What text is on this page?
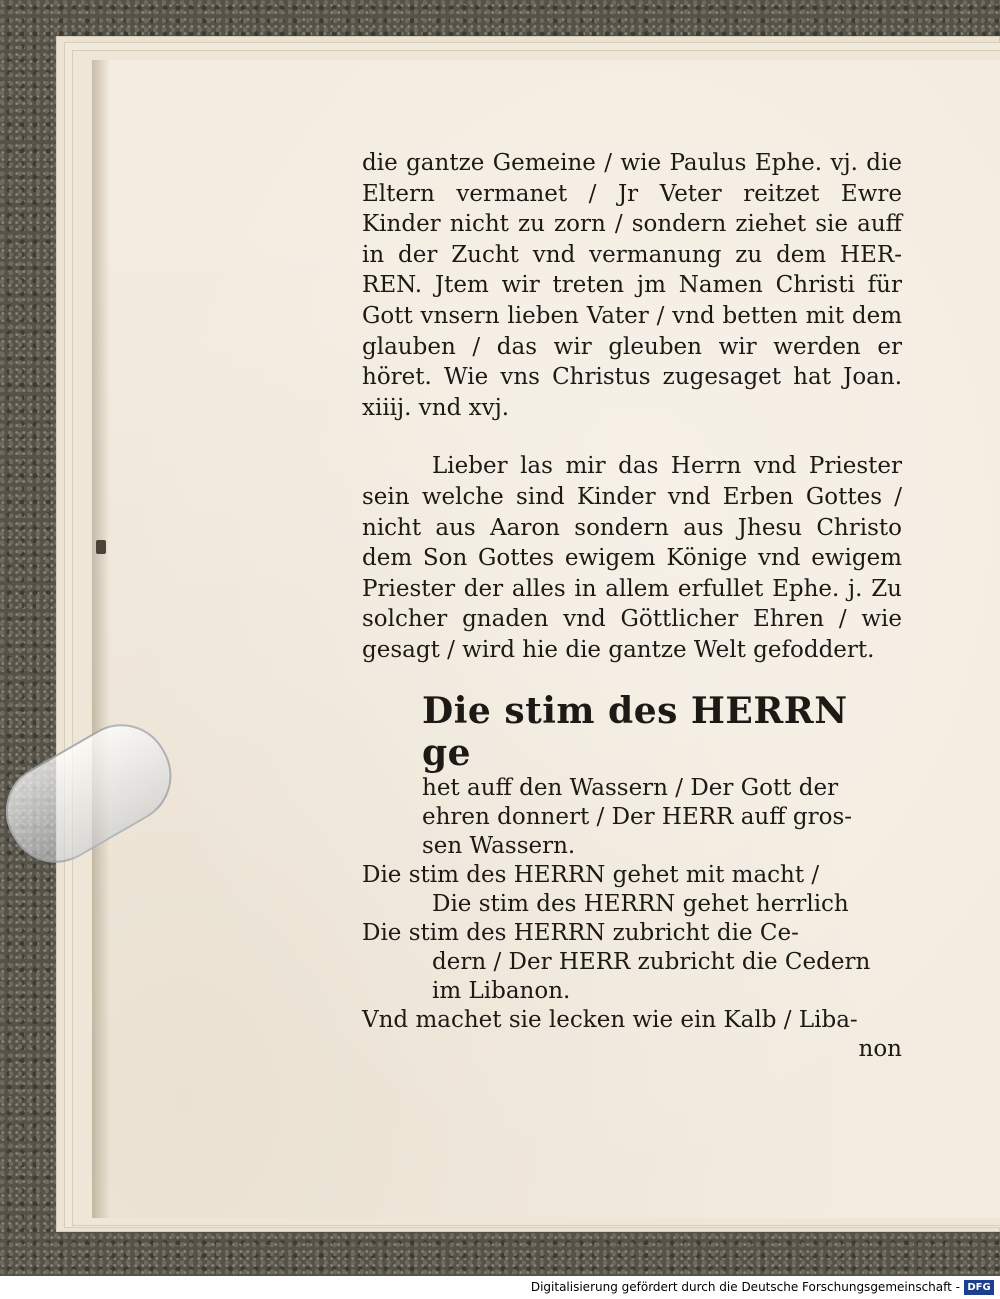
die gantze Gemeine / wie Paulus Ephe. vj. die Eltern vermanet / Jr Veter reitzet Ewre Kinder nicht zu zorn / sondern ziehet sie auff in der Zucht vnd vermanung zu dem HER-REN. Jtem wir treten jm Namen Christi für Gott vnsern lieben Vater / vnd betten mit dem glauben / das wir gleuben wir werden er höret. Wie vns Christus zugesaget hat Joan. xiiij. vnd xvj.

Lieber las mir das Herrn vnd Priester sein welche sind Kinder vnd Erben Gottes / nicht aus Aaron sondern aus Jhesu Christo dem Son Gottes ewigem Könige vnd ewigem Priester der alles in allem erfullet Ephe. j. Zu solcher gnaden vnd Göttlicher Ehren / wie gesagt / wird hie die gantze Welt gefoddert.

Die stim des HERRN ge

het auff den Wassern / Der Gott der

ehren donnert / Der HERR auff gros-

sen Wassern.

Die stim des HERRN gehet mit macht /

Die stim des HERRN gehet herrlich

Die stim des HERRN zubricht die Ce-

dern / Der HERR zubricht die Cedern

im Libanon.

Vnd machet sie lecken wie ein Kalb / Liba-

non

Digitalisierung gefördert durch die Deutsche Forschungsgemeinschaft - DFG
